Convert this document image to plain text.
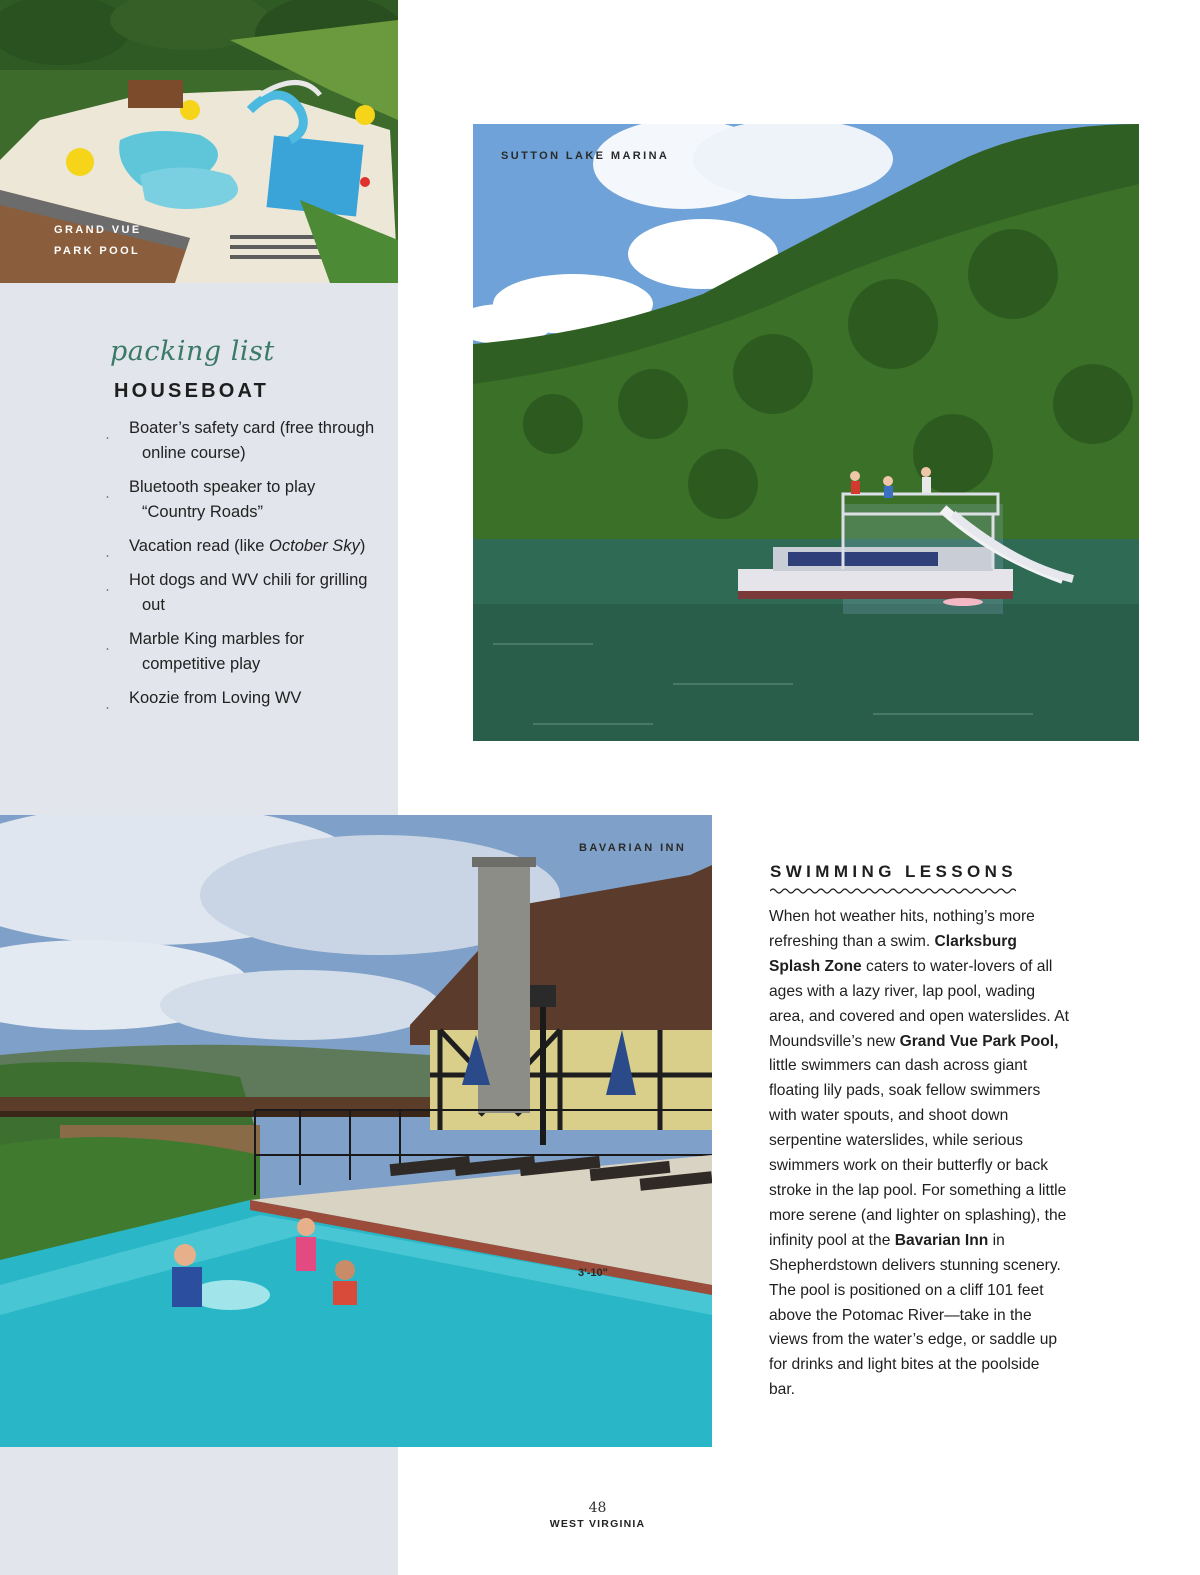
GRAND VUE
PARK POOL
SUTTON LAKE MARINA
packing list
HOUSEBOAT
¸ Boater’s safety card (free through online course)
¸ Bluetooth speaker to play “Country Roads”
¸ Vacation read (like October Sky)
¸ Hot dogs and WV chili for grilling out
¸ Marble King marbles for competitive play
¸ Koozie from Loving WV
BAVARIAN INN
3'-10"
SWIMMING LESSONS

When hot weather hits, nothing’s more refreshing than a swim. Clarksburg Splash Zone caters to water-lovers of all ages with a lazy river, lap pool, wading area, and covered and open waterslides. At Moundsville’s new Grand Vue Park Pool, little swimmers can dash across giant floating lily pads, soak fellow swimmers with water spouts, and shoot down serpentine waterslides, while serious swimmers work on their butterfly or back stroke in the lap pool. For something a little more serene (and lighter on splashing), the infinity pool at the Bavarian Inn in Shepherdstown delivers stunning scenery. The pool is positioned on a cliff 101 feet above the Potomac River—take in the views from the water’s edge, or saddle up for drinks and light bites at the poolside bar.

48
WEST VIRGINIA
